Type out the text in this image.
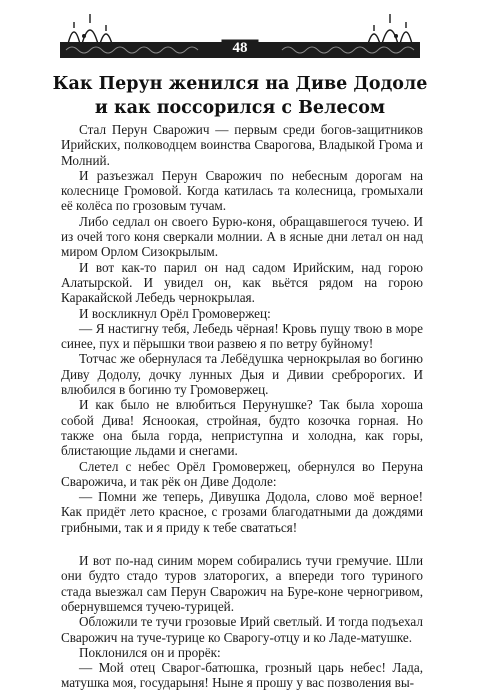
48
Как Перун женился на Диве Додоле
и как поссорился с Велесом

Стал Перун Сварожич — первым среди богов-защитников Ирийских, полководцем воинства Сварогова, Владыкой Грома и Молний.

И разъезжал Перун Сварожич по небесным дорогам на колеснице Громовой. Когда катилась та колесница, громыхали её колёса по грозовым тучам.

Либо седлал он своего Бурю-коня, обращавшегося тучею. И из очей того коня сверкали молнии. А в ясные дни летал он над миром Орлом Сизокрылым.

И вот как-то парил он над садом Ирийским, над горою Алатырской. И увидел он, как вьётся рядом на горою Каракайской Лебедь чернокрылая.

И воскликнул Орёл Громовержец:

— Я настигну тебя, Лебедь чёрная! Кровь пущу твою в море синее, пух и пёрышки твои развею я по ветру буйному!

Тотчас же обернулася та Лебёдушка чернокрылая во богиню Диву Додолу, дочку лунных Дыя и Дивии сребророгих. И влюбился в богиню ту Громовержец.

И как было не влюбиться Перунушке? Так была хороша собой Дива! Ясноокая, стройная, будто козочка горная. Но также она была горда, неприступна и холодна, как горы, блистающие льдами и снегами.

Слетел с небес Орёл Громовержец, обернулся во Перуна Сварожича, и так рёк он Диве Додоле:

— Помни же теперь, Дивушка Додола, слово моё верное! Как придёт лето красное, с грозами благодатными да дождями грибными, так и я приду к тебе свататься!

И вот по-над синим морем собирались тучи гремучие. Шли они будто стадо туров златорогих, а впереди того туриного стада выезжал сам Перун Сварожич на Буре-коне черногривом, обернувшемся тучею-турицей.

Обложили те тучи грозовые Ирий светлый. И тогда подъехал Сварожич на туче-турице ко Сварогу-отцу и ко Ладе-матушке.

Поклонился он и прорёк:

— Мой отец Сварог-батюшка, грозный царь небес! Лада, матушка моя, государыня! Ныне я прошу у вас позволения вы-
